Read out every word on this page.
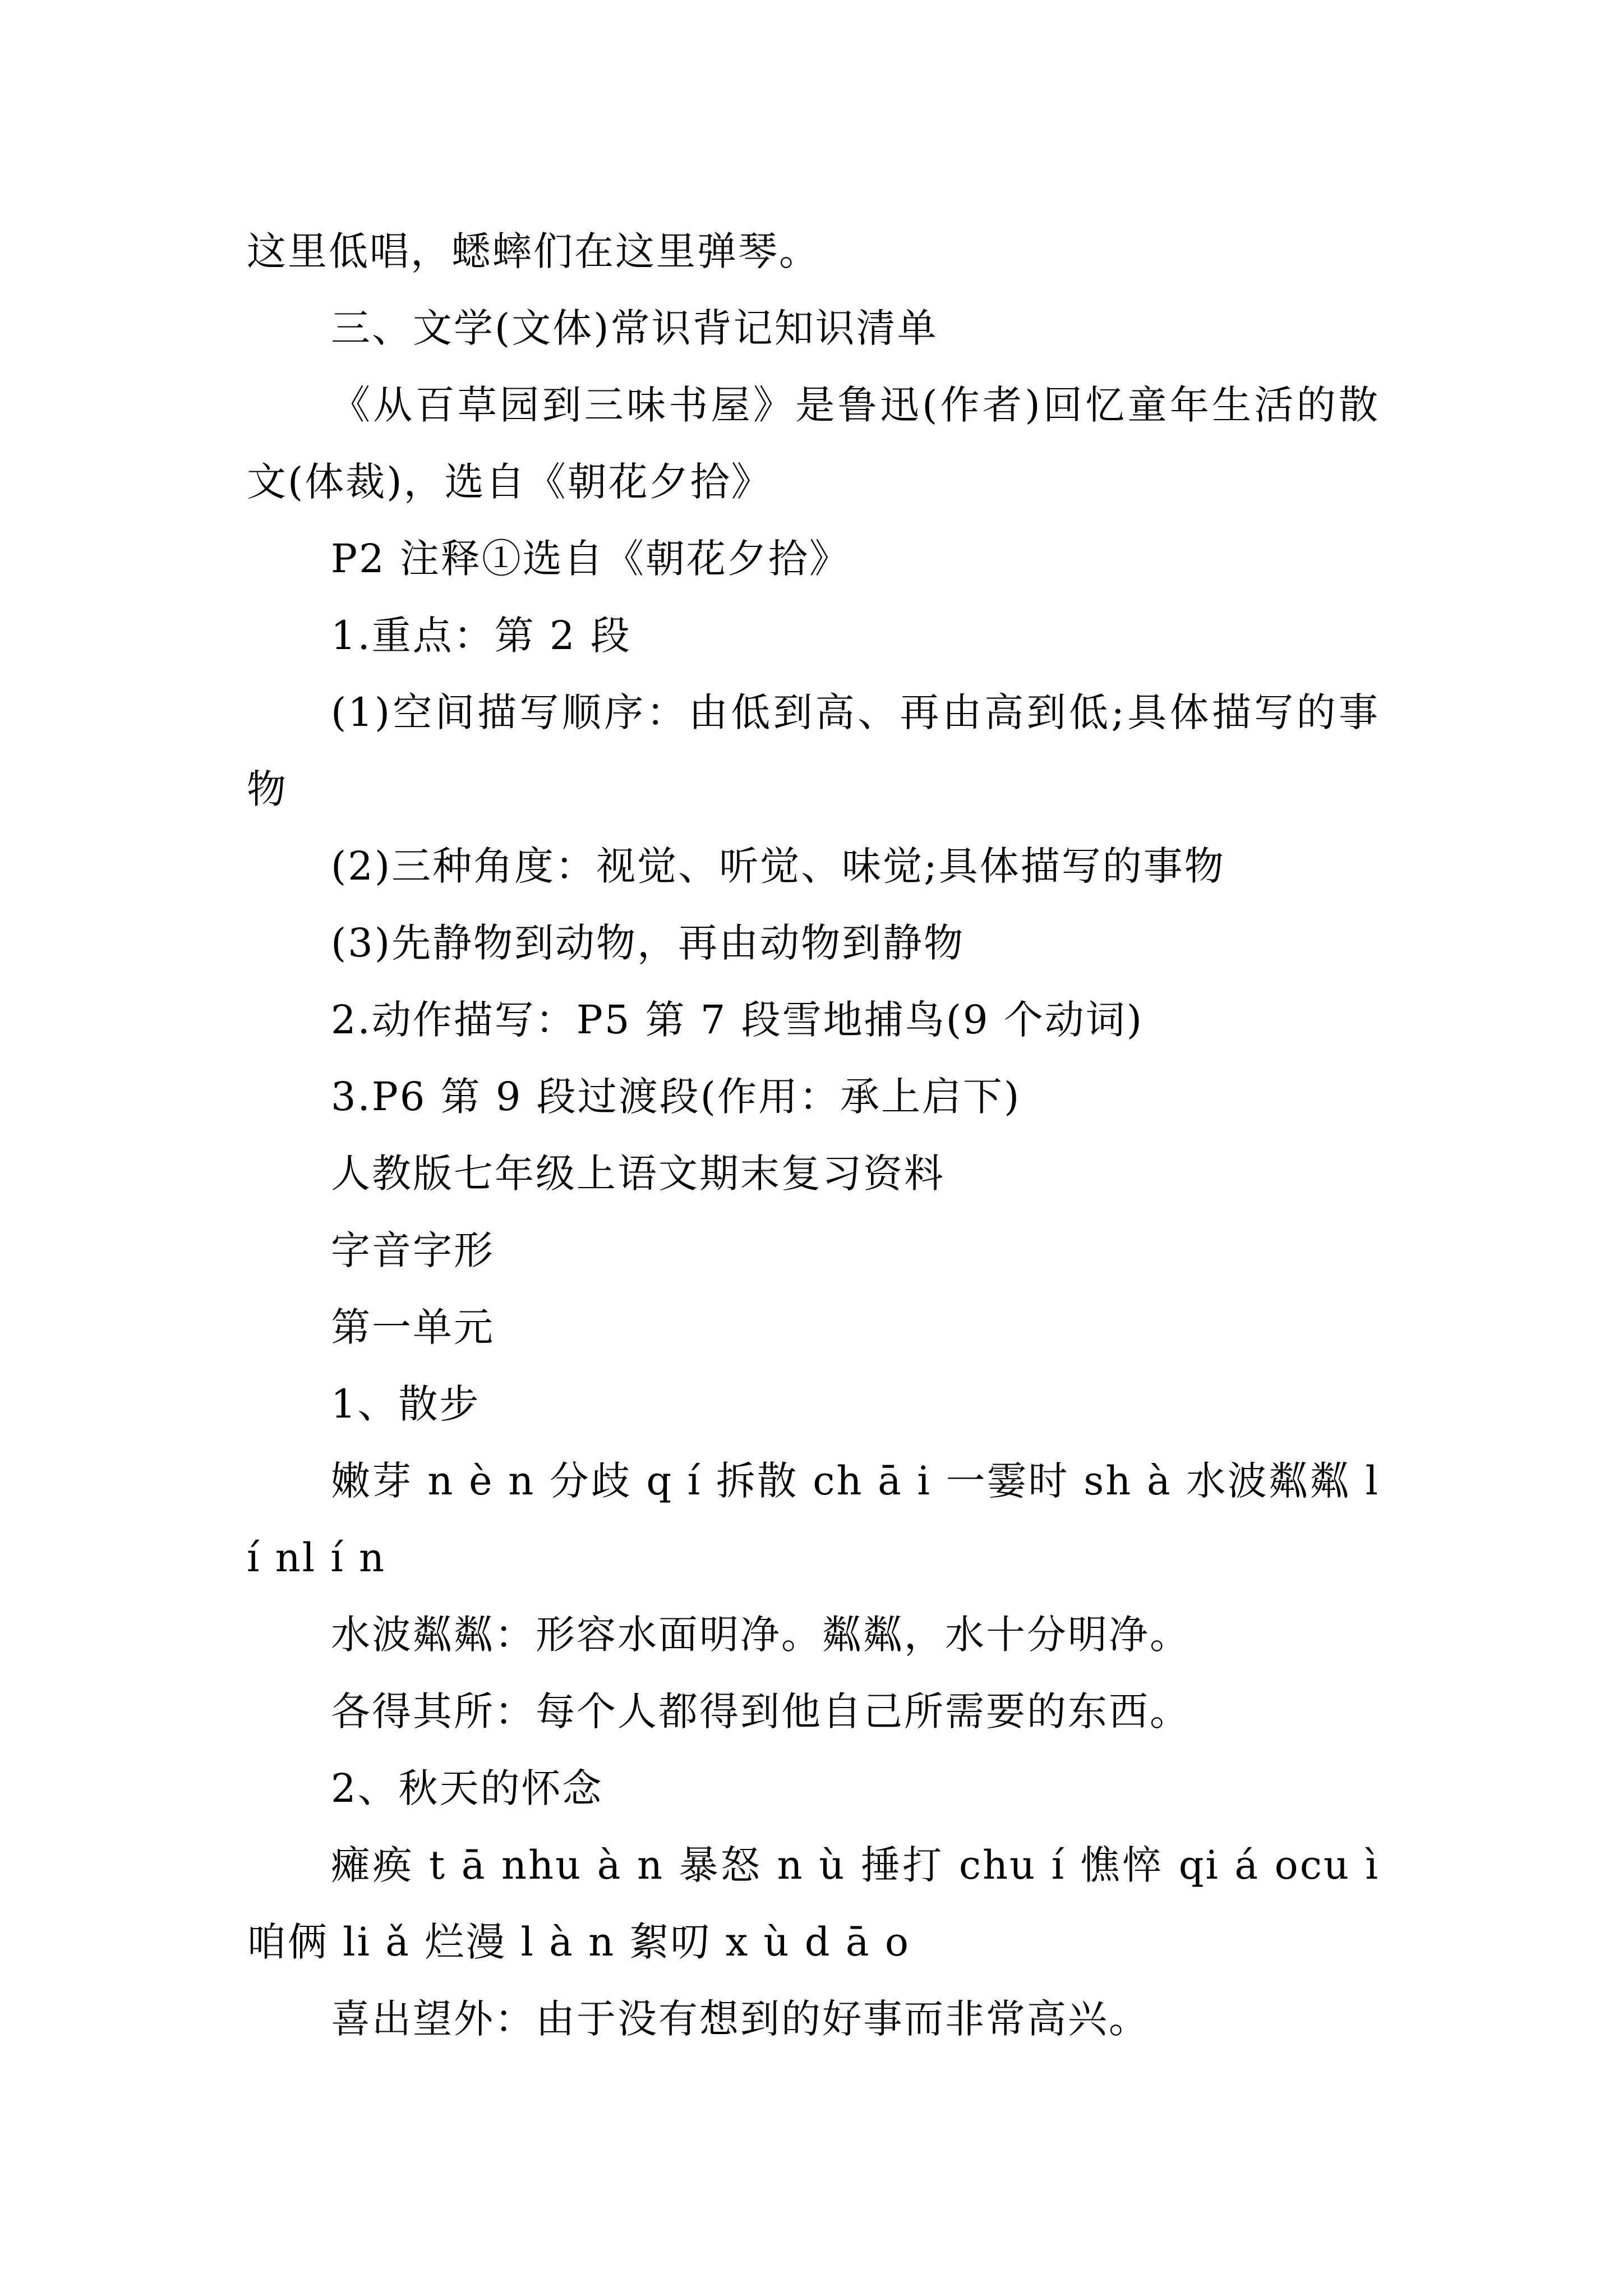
这里低唱，蟋蟀们在这里弹琴。

三、文学(文体)常识背记知识清单

《从百草园到三味书屋》是鲁迅(作者)回忆童年生活的散文(体裁)，选自《朝花夕拾》

P2 注释①选自《朝花夕拾》

1.重点：第 2 段

(1)空间描写顺序：由低到高、再由高到低;具体描写的事物

(2)三种角度：视觉、听觉、味觉;具体描写的事物

(3)先静物到动物，再由动物到静物

2.动作描写：P5 第 7 段雪地捕鸟(9 个动词)

3.P6 第 9 段过渡段(作用：承上启下)

人教版七年级上语文期末复习资料

字音字形

第一单元

1、散步

嫩芽 n è n 分歧 q í 拆散 ch ā i 一霎时 sh à 水波粼粼 l í nl í n

水波粼粼：形容水面明净。粼粼，水十分明净。

各得其所：每个人都得到他自己所需要的东西。

2、秋天的怀念

瘫痪 t ā nhu à n 暴怒 n ù 捶打 chu í 憔悴 qi á ocu ì 咱俩 li ǎ 烂漫 l à n 絮叨 x ù d ā o

喜出望外：由于没有想到的好事而非常高兴。
